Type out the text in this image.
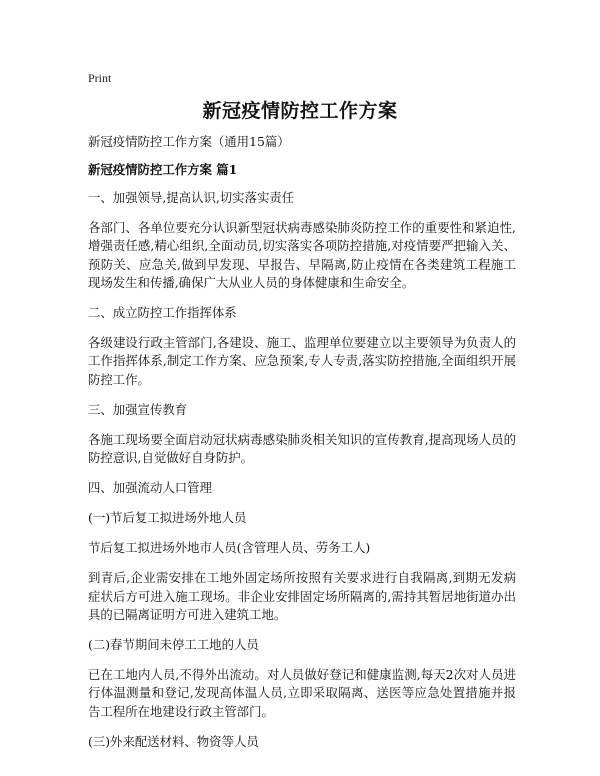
Print
新冠疫情防控工作方案

新冠疫情防控工作方案（通用15篇）

新冠疫情防控工作方案 篇1

一、加强领导,提高认识,切实落实责任

各部门、各单位要充分认识新型冠状病毒感染肺炎防控工作的重要性和紧迫性,增强责任感,精心组织,全面动员,切实落实各项防控措施,对疫情要严把输入关、预防关、应急关,做到早发现、早报告、早隔离,防止疫情在各类建筑工程施工现场发生和传播,确保广大从业人员的身体健康和生命安全。

二、成立防控工作指挥体系

各级建设行政主管部门,各建设、施工、监理单位要建立以主要领导为负责人的工作指挥体系,制定工作方案、应急预案,专人专责,落实防控措施,全面组织开展防控工作。

三、加强宣传教育

各施工现场要全面启动冠状病毒感染肺炎相关知识的宣传教育,提高现场人员的防控意识,自觉做好自身防护。

四、加强流动人口管理

(一)节后复工拟进场外地人员

节后复工拟进场外地市人员(含管理人员、劳务工人)

到青后,企业需安排在工地外固定场所按照有关要求进行自我隔离,到期无发病症状后方可进入施工现场。非企业安排固定场所隔离的,需持其暂居地街道办出具的已隔离证明方可进入建筑工地。

(二)春节期间未停工工地的人员

已在工地内人员,不得外出流动。对人员做好登记和健康监测,每天2次对人员进行体温测量和登记,发现高体温人员,立即采取隔离、送医等应急处置措施并报告工程所在地建设行政主管部门。

(三)外来配送材料、物资等人员
